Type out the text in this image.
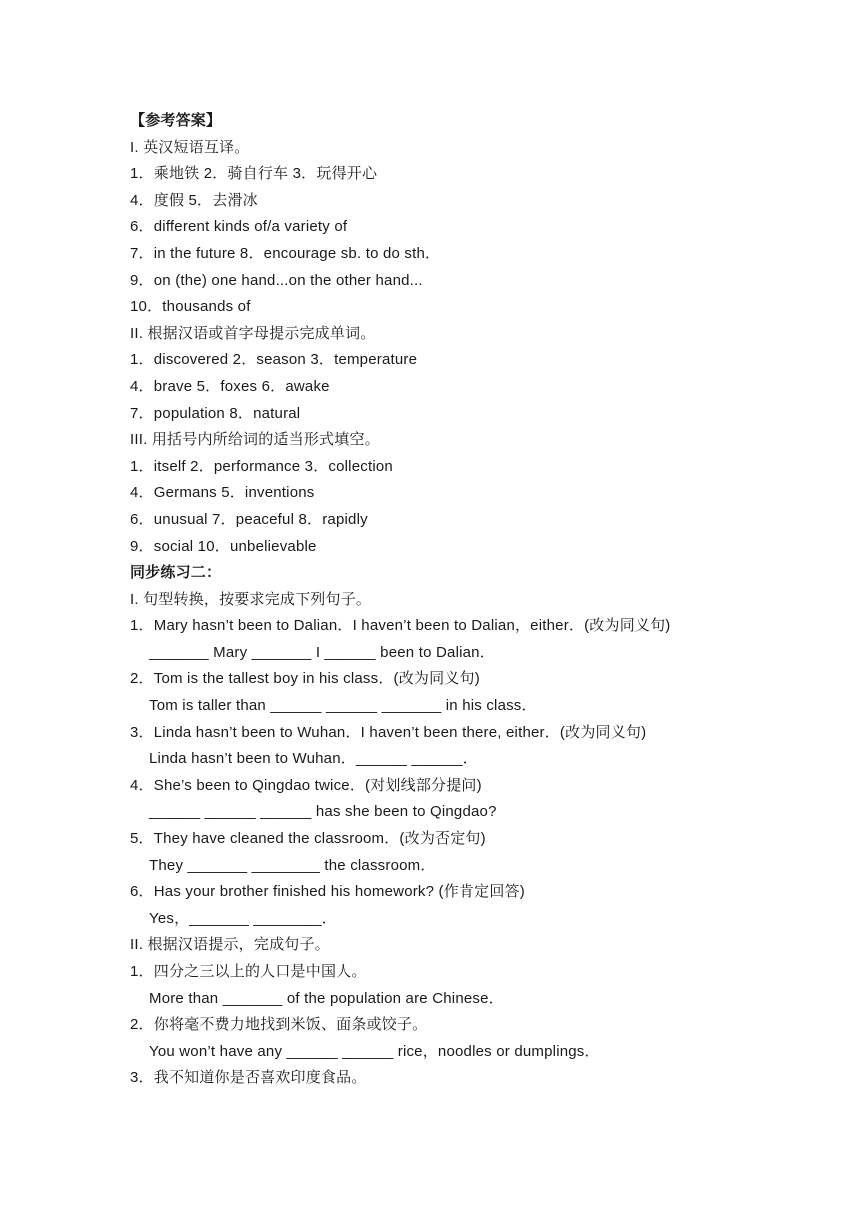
【参考答案】
I. 英汉短语互译。
1．乘地铁 2．骑自行车 3．玩得开心
4．度假 5．去滑冰
6．different kinds of/a variety of
7．in the future 8．encourage sb. to do sth．
9．on (the) one hand...on the other hand...
10．thousands of
II. 根据汉语或首字母提示完成单词。
1．discovered 2．season 3．temperature
4．brave 5．foxes 6．awake
7．population 8．natural
III. 用括号内所给词的适当形式填空。
1．itself 2．performance 3．collection
4．Germans 5．inventions
6．unusual 7．peaceful 8．rapidly
9．social 10．unbelievable
同步练习二：
I. 句型转换，按要求完成下列句子。
1．Mary hasn’t been to Dalian．I haven’t been to Dalian，either．(改为同义句)
_______ Mary _______ I ______ been to Dalian．
2．Tom is the tallest boy in his class．(改为同义句)
Tom is taller than ______ ______ _______ in his class．
3．Linda hasn’t been to Wuhan．I haven’t been there, either．(改为同义句)
Linda hasn’t been to Wuhan．______ ______．
4．She’s been to Qingdao twice．(对划线部分提问)
______ ______ ______ has she been to Qingdao?
5．They have cleaned the classroom．(改为否定句)
They _______ ________ the classroom．
6．Has your brother finished his homework? (作肯定回答)
Yes，_______ ________．
II. 根据汉语提示，完成句子。
1．四分之三以上的人口是中国人。
More than _______ of the population are Chinese．
2．你将毫不费力地找到米饭、面条或饺子。
You won’t have any ______ ______ rice，noodles or dumplings．
3．我不知道你是否喜欢印度食品。
